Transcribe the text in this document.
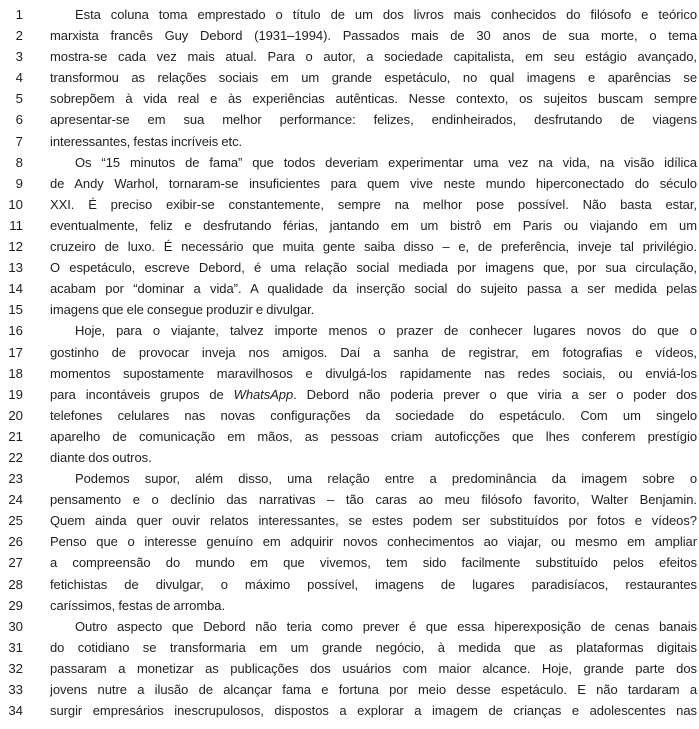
1	Esta coluna toma emprestado o título de um dos livros mais conhecidos do filósofo e teórico
2 marxista francês Guy Debord (1931–1994). Passados mais de 30 anos de sua morte, o tema
3 mostra-se cada vez mais atual. Para o autor, a sociedade capitalista, em seu estágio avançado,
4 transformou as relações sociais em um grande espetáculo, no qual imagens e aparências se
5 sobrepõem à vida real e às experiências autênticas. Nesse contexto, os sujeitos buscam sempre
6 apresentar-se em sua melhor performance: felizes, endinheirados, desfrutando de viagens
7 interessantes, festas incríveis etc.
8	Os “15 minutos de fama” que todos deveriam experimentar uma vez na vida, na visão idílica
9 de Andy Warhol, tornaram-se insuficientes para quem vive neste mundo hiperconectado do século
10 XXI. É preciso exibir-se constantemente, sempre na melhor pose possível. Não basta estar,
11 eventualmente, feliz e desfrutando férias, jantando em um bistrô em Paris ou viajando em um
12 cruzeiro de luxo. É necessário que muita gente saiba disso – e, de preferência, inveje tal privilégio.
13 O espetáculo, escreve Debord, é uma relação social mediada por imagens que, por sua circulação,
14 acabam por “dominar a vida”. A qualidade da inserção social do sujeito passa a ser medida pelas
15 imagens que ele consegue produzir e divulgar.
16	Hoje, para o viajante, talvez importe menos o prazer de conhecer lugares novos do que o
17 gostinho de provocar inveja nos amigos. Daí a sanha de registrar, em fotografias e vídeos,
18 momentos supostamente maravilhosos e divulgá-los rapidamente nas redes sociais, ou enviá-los
19 para incontáveis grupos de WhatsApp. Debord não poderia prever o que viria a ser o poder dos
20 telefones celulares nas novas configurações da sociedade do espetáculo. Com um singelo
21 aparelho de comunicação em mãos, as pessoas criam autoficções que lhes conferem prestígio
22 diante dos outros.
23	Podemos supor, além disso, uma relação entre a predominância da imagem sobre o
24 pensamento e o declínio das narrativas – tão caras ao meu filósofo favorito, Walter Benjamin.
25 Quem ainda quer ouvir relatos interessantes, se estes podem ser substituídos por fotos e vídeos?
26 Penso que o interesse genuíno em adquirir novos conhecimentos ao viajar, ou mesmo em ampliar
27 a compreensão do mundo em que vivemos, tem sido facilmente substituído pelos efeitos
28 fetichistas de divulgar, o máximo possível, imagens de lugares paradisíacos, restaurantes
29 caríssimos, festas de arromba.
30	Outro aspecto que Debord não teria como prever é que essa hiperexposição de cenas banais
31 do cotidiano se transformaria em um grande negócio, à medida que as plataformas digitais
32 passaram a monetizar as publicações dos usuários com maior alcance. Hoje, grande parte dos
33 jovens nutre a ilusão de alcançar fama e fortuna por meio desse espetáculo. E não tardaram a
34 surgir empresários inescrupulosos, dispostos a explorar a imagem de crianças e adolescentes nas
